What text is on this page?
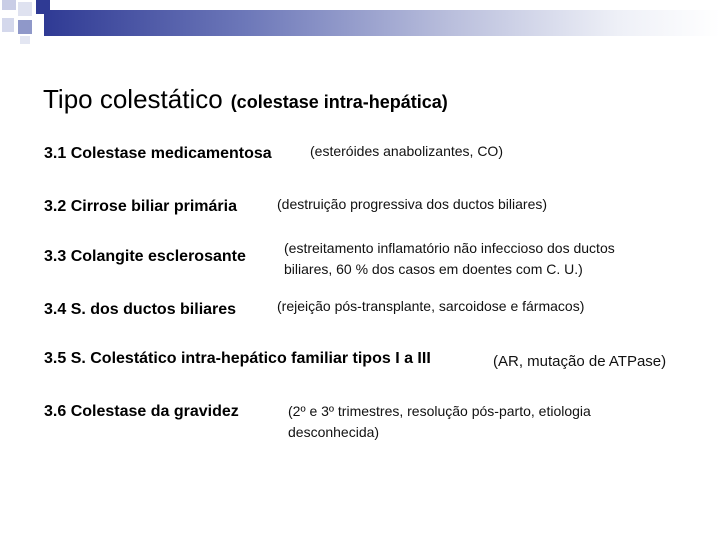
Tipo colestático (colestase intra-hepática)
3.1 Colestase medicamentosa	(esteróides anabolizantes, CO)
3.2 Cirrose biliar primária	(destruição progressiva dos ductos biliares)
3.3 Colangite esclerosante	(estreitamento inflamatório não infeccioso dos ductos
biliares, 60 % dos casos em doentes com C. U.)
3.4 S. dos ductos biliares	(rejeição pós-transplante, sarcoidose e fármacos)
3.5 S. Colestático intra-hepático familiar tipos I a III	(AR, mutação de ATPase)
3.6 Colestase da gravidez	(2º e 3º trimestres, resolução pós-parto, etiologia
desconhecida)
